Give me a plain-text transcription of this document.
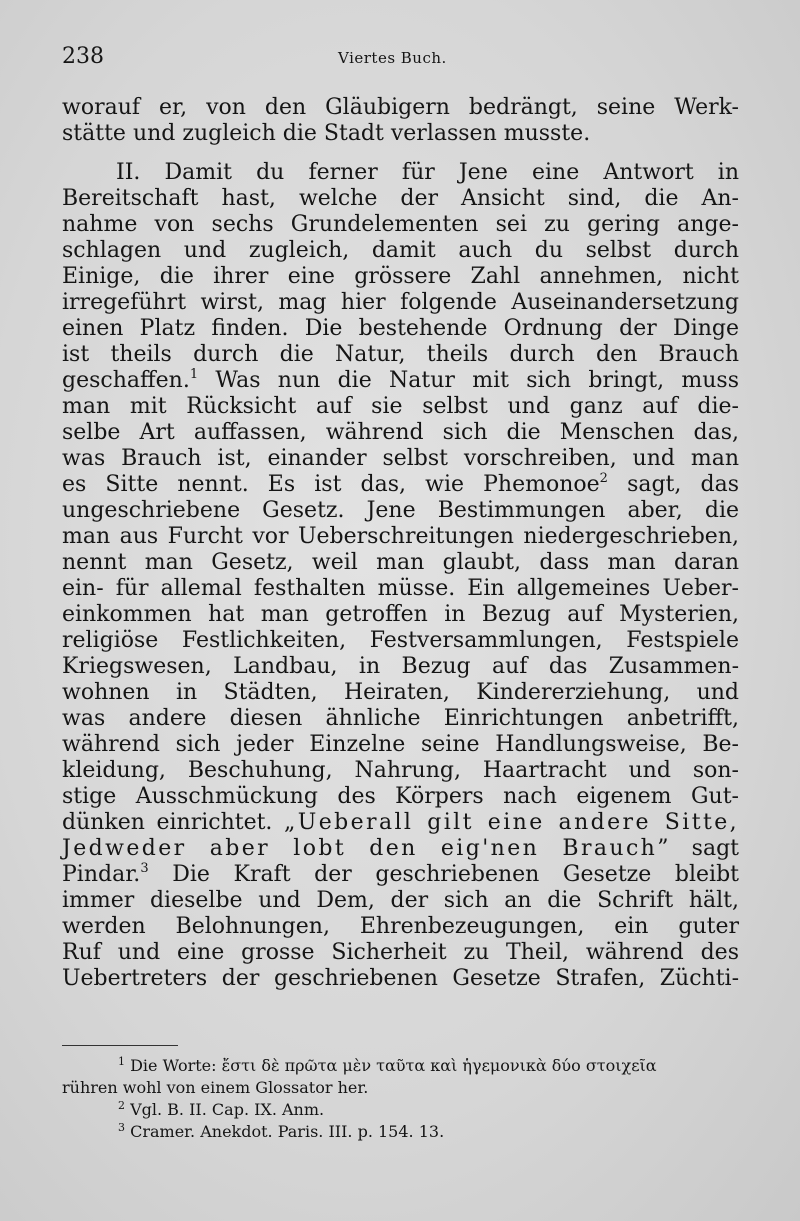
238	Viertes Buch.
worauf er, von den Gläubigern bedrängt, seine Werk-
stätte und zugleich die Stadt verlassen musste.
II. Damit du ferner für Jene eine Antwort in
Bereitschaft hast, welche der Ansicht sind, die An-
nahme von sechs Grundelementen sei zu gering ange-
schlagen und zugleich, damit auch du selbst durch
Einige, die ihrer eine grössere Zahl annehmen, nicht
irregeführt wirst, mag hier folgende Auseinandersetzung
einen Platz finden. Die bestehende Ordnung der Dinge
ist theils durch die Natur, theils durch den Brauch
geschaffen.$^1$ Was nun die Natur mit sich bringt, muss
man mit Rücksicht auf sie selbst und ganz auf die-
selbe Art auffassen, während sich die Menschen das,
was Brauch ist, einander selbst vorschreiben, und man
es Sitte nennt. Es ist das, wie Phemonoe$^2$ sagt, das
ungeschriebene Gesetz. Jene Bestimmungen aber, die
man aus Furcht vor Ueberschreitungen niedergeschrieben,
nennt man Gesetz, weil man glaubt, dass man daran
ein- für allemal festhalten müsse. Ein allgemeines Ueber-
einkommen hat man getroffen in Bezug auf Mysterien,
religiöse Festlichkeiten, Festversammlungen, Festspiele
Kriegswesen, Landbau, in Bezug auf das Zusammen-
wohnen in Städten, Heiraten, Kindererziehung, und
was andere diesen ähnliche Einrichtungen anbetrifft,
während sich jeder Einzelne seine Handlungsweise, Be-
kleidung, Beschuhung, Nahrung, Haartracht und son-
stige Ausschmückung des Körpers nach eigenem Gut-
dünken einrichtet. „Ueberall gilt eine andere Sitte,
Jedweder aber lobt den eig'nen Brauch” sagt
Pindar.$^3$ Die Kraft der geschriebenen Gesetze bleibt
immer dieselbe und Dem, der sich an die Schrift hält,
werden Belohnungen, Ehrenbezeugungen, ein guter
Ruf und eine grosse Sicherheit zu Theil, während des
Uebertreters der geschriebenen Gesetze Strafen, Züchti-
$^1$ Die Worte: ἔστι δὲ πρῶτα μὲν ταῦτα καὶ ἡγεμονικὰ δύο στοιχεῖα
rühren wohl von einem Glossator her.
$^2$ Vgl. B. II. Cap. IX. Anm.
$^3$ Cramer. Anekdot. Paris. III. p. 154. 13.
